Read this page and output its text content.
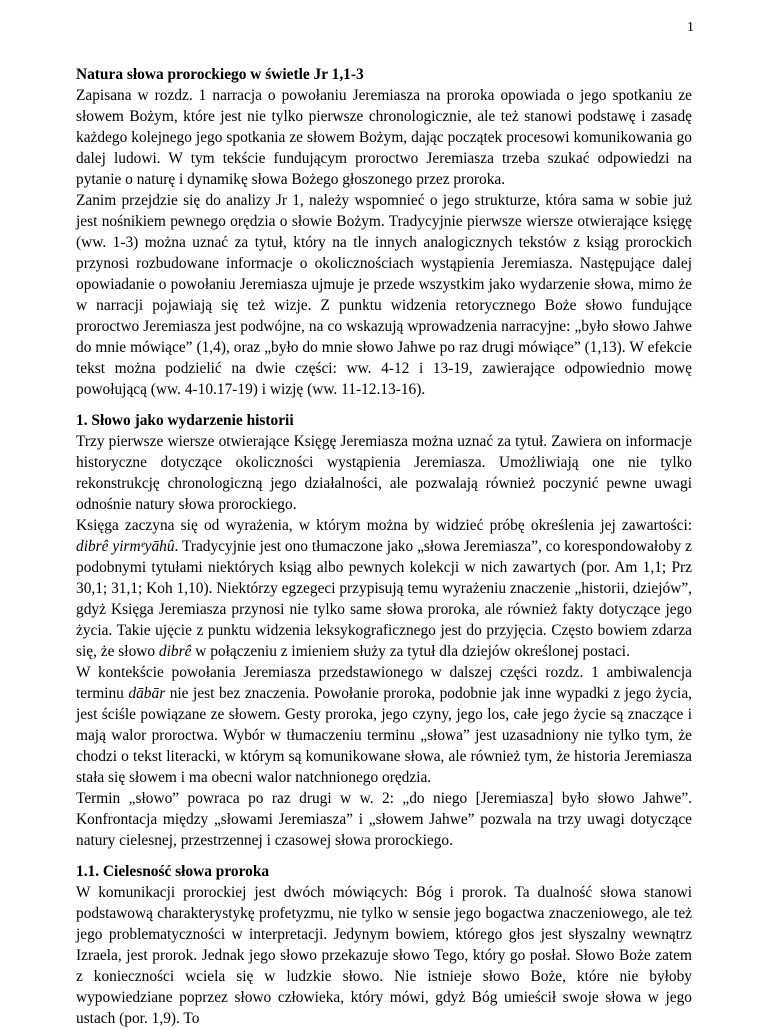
1

Natura słowa prorockiego w świetle Jr 1,1-3

Zapisana w rozdz. 1 narracja o powołaniu Jeremiasza na proroka opowiada o jego spotkaniu ze słowem Bożym, które jest nie tylko pierwsze chronologicznie, ale też stanowi podstawę i zasadę każdego kolejnego jego spotkania ze słowem Bożym, dając początek procesowi komunikowania go dalej ludowi. W tym tekście fundującym proroctwo Jeremiasza trzeba szukać odpowiedzi na pytanie o naturę i dynamikę słowa Bożego głoszonego przez proroka.

Zanim przejdzie się do analizy Jr 1, należy wspomnieć o jego strukturze, która sama w sobie już jest nośnikiem pewnego orędzia o słowie Bożym. Tradycyjnie pierwsze wiersze otwierające księgę (ww. 1-3) można uznać za tytuł, który na tle innych analogicznych tekstów z ksiąg prorockich przynosi rozbudowane informacje o okolicznościach wystąpienia Jeremiasza. Następujące dalej opowiadanie o powołaniu Jeremiasza ujmuje je przede wszystkim jako wydarzenie słowa, mimo że w narracji pojawiają się też wizje. Z punktu widzenia retorycznego Boże słowo fundujące proroctwo Jeremiasza jest podwójne, na co wskazują wprowadzenia narracyjne: „było słowo Jahwe do mnie mówiące” (1,4), oraz „było do mnie słowo Jahwe po raz drugi mówiące” (1,13). W efekcie tekst można podzielić na dwie części: ww. 4-12 i 13-19, zawierające odpowiednio mowę powołującą (ww. 4-10.17-19) i wizję (ww. 11-12.13-16).

1. Słowo jako wydarzenie historii

Trzy pierwsze wiersze otwierające Księgę Jeremiasza można uznać za tytuł. Zawiera on informacje historyczne dotyczące okoliczności wystąpienia Jeremiasza. Umożliwiają one nie tylko rekonstrukcję chronologiczną jego działalności, ale pozwalają również poczynić pewne uwagi odnośnie natury słowa prorockiego.

Księga zaczyna się od wyrażenia, w którym można by widzieć próbę określenia jej zawartości: dibrê yirmᵉyāhû. Tradycyjnie jest ono tłumaczone jako „słowa Jeremiasza”, co korespondowałoby z podobnymi tytułami niektórych ksiąg albo pewnych kolekcji w nich zawartych (por. Am 1,1; Prz 30,1; 31,1; Koh 1,10). Niektórzy egzegeci przypisują temu wyrażeniu znaczenie „historii, dziejów”, gdyż Księga Jeremiasza przynosi nie tylko same słowa proroka, ale również fakty dotyczące jego życia. Takie ujęcie z punktu widzenia leksykograficznego jest do przyjęcia. Często bowiem zdarza się, że słowo dibrê w połączeniu z imieniem służy za tytuł dla dziejów określonej postaci.

W kontekście powołania Jeremiasza przedstawionego w dalszej części rozdz. 1 ambiwalencja terminu dābār nie jest bez znaczenia. Powołanie proroka, podobnie jak inne wypadki z jego życia, jest ściśle powiązane ze słowem. Gesty proroka, jego czyny, jego los, całe jego życie są znaczące i mają walor proroctwa. Wybór w tłumaczeniu terminu „słowa” jest uzasadniony nie tylko tym, że chodzi o tekst literacki, w którym są komunikowane słowa, ale również tym, że historia Jeremiasza stała się słowem i ma obecni walor natchnionego orędzia.

Termin „słowo” powraca po raz drugi w w. 2: „do niego [Jeremiasza] było słowo Jahwe”. Konfrontacja między „słowami Jeremiasza” i „słowem Jahwe” pozwala na trzy uwagi dotyczące natury cielesnej, przestrzennej i czasowej słowa prorockiego.

1.1. Cielesność słowa proroka

W komunikacji prorockiej jest dwóch mówiących: Bóg i prorok. Ta dualność słowa stanowi podstawową charakterystykę profetyzmu, nie tylko w sensie jego bogactwa znaczeniowego, ale też jego problematyczności w interpretacji. Jedynym bowiem, którego głos jest słyszalny wewnątrz Izraela, jest prorok. Jednak jego słowo przekazuje słowo Tego, który go posłał. Słowo Boże zatem z konieczności wciela się w ludzkie słowo. Nie istnieje słowo Boże, które nie byłoby wypowiedziane poprzez słowo człowieka, który mówi, gdyż Bóg umieścił swoje słowa w jego ustach (por. 1,9). To
